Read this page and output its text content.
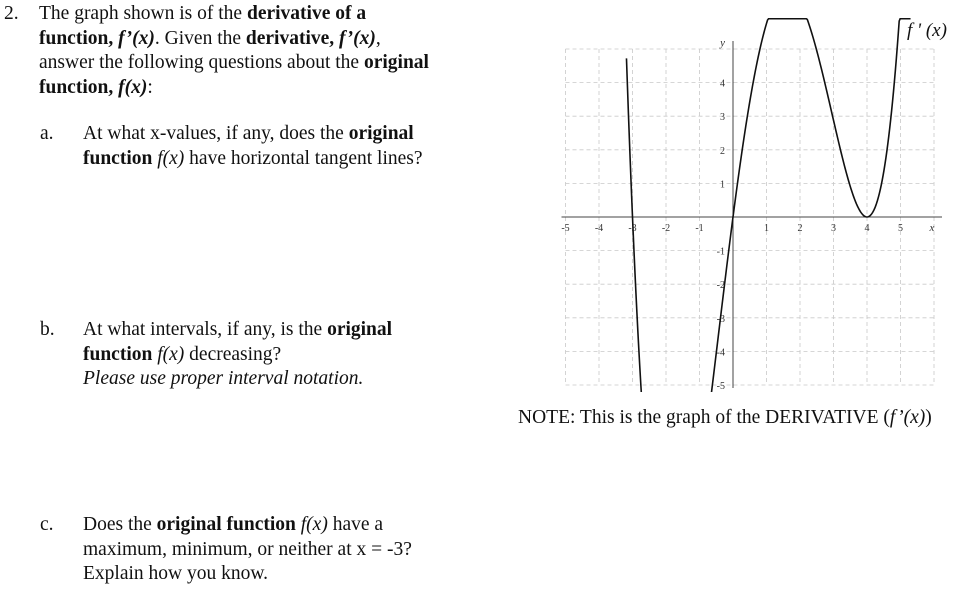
2. The graph shown is of the derivative of a function, f’(x). Given the derivative, f’(x), answer the following questions about the original function, f(x):
a. At what x-values, if any, does the original function f(x) have horizontal tangent lines?
b. At what intervals, if any, is the original function f(x) decreasing?
Please use proper interval notation.
c. Does the original function f(x) have a maximum, minimum, or neither at x = -3? Explain how you know.
-5	-4	-3	-2	-1	1	2	3	4	5
4
3
2
1
-1
-2
-3
-4
-5
x
y
f ' (x)
NOTE: This is the graph of the DERIVATIVE (f’(x))
